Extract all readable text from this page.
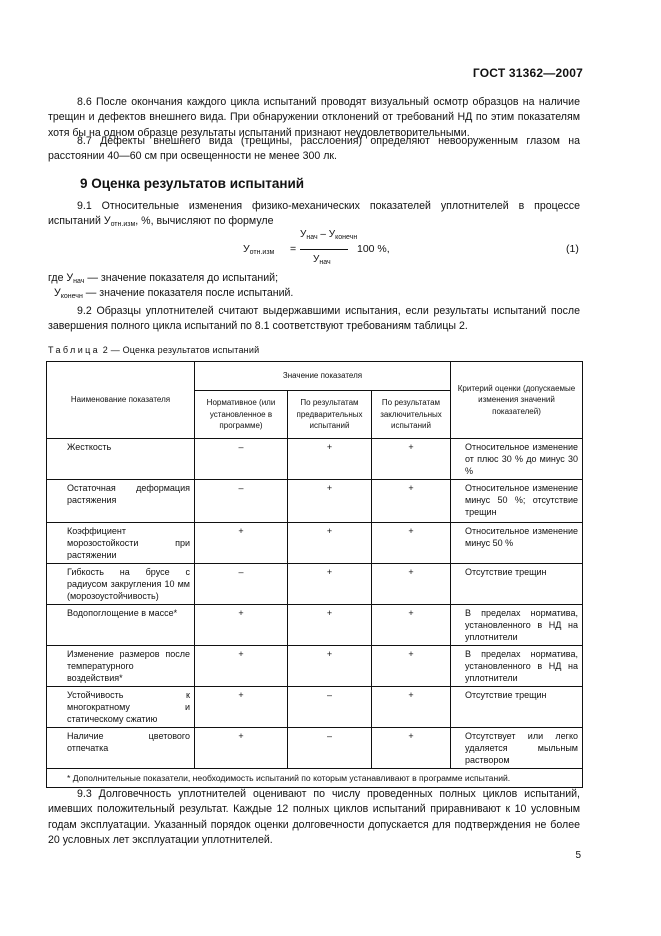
ГОСТ 31362—2007
8.6 После окончания каждого цикла испытаний проводят визуальный осмотр образцов на наличие трещин и дефектов внешнего вида. При обнаружении отклонений от требований НД по этим показателям хотя бы на одном образце результаты испытаний признают неудовлетворительными.
8.7 Дефекты внешнего вида (трещины, расслоения) определяют невооруженным глазом на расстоянии 40—60 см при освещенности не менее 300 лк.
9 Оценка результатов испытаний
9.1 Относительные изменения физико-механических показателей уплотнителей в процессе испытаний $У_{отн.изм}$, %, вычисляют по формуле
$У_{отн.изм}$ =
$У_{нач} - У_{конечн}$
$У_{нач}$
100 %,	(1)
где $У_{нач}$ — значение показателя до испытаний;
$У_{конечн}$ — значение показателя после испытаний.
9.2 Образцы уплотнителей считают выдержавшими испытания, если результаты испытаний после завершения полного цикла испытаний по 8.1 соответствуют требованиям таблицы 2.
Таблица 2 — Оценка результатов испытаний
Наименование показателя	Значение показателя			Критерий оценки (допускаемые изменения значений показателей)
	Нормативное (или установленное в программе)	По результатам предварительных испытаний	По результатам заключительных испытаний	
Жесткость	–	+	+	Относительное изменение от плюс 30 % до минус 30 %
Остаточная деформация растяжения	–	+	+	Относительное изменение минус 50 %; отсутствие трещин
Коэффициент морозостойкости при растяжении	+	+	+	Относительное изменение минус 50 %
Гибкость на брусе с радиусом закругления 10 мм (морозоустойчивость)	–	+	+	Отсутствие трещин
Водопоглощение в массе*	+	+	+	В пределах норматива, установленного в НД на уплотнители
Изменение размеров после температурного воздействия*	+	+	+	В пределах норматива, установленного в НД на уплотнители
Устойчивость к многократному и статическому сжатию	+	–	+	Отсутствие трещин
Наличие цветового отпечатка	+	–	+	Отсутствует или легко удаляется мыльным раствором
* Дополнительные показатели, необходимость испытаний по которым устанавливают в программе испытаний.				
9.3 Долговечность уплотнителей оценивают по числу проведенных полных циклов испытаний, имевших положительный результат. Каждые 12 полных циклов испытаний приравнивают к 10 условным годам эксплуатации. Указанный порядок оценки долговечности допускается для подтверждения не более 20 условных лет эксплуатации уплотнителей.
5
